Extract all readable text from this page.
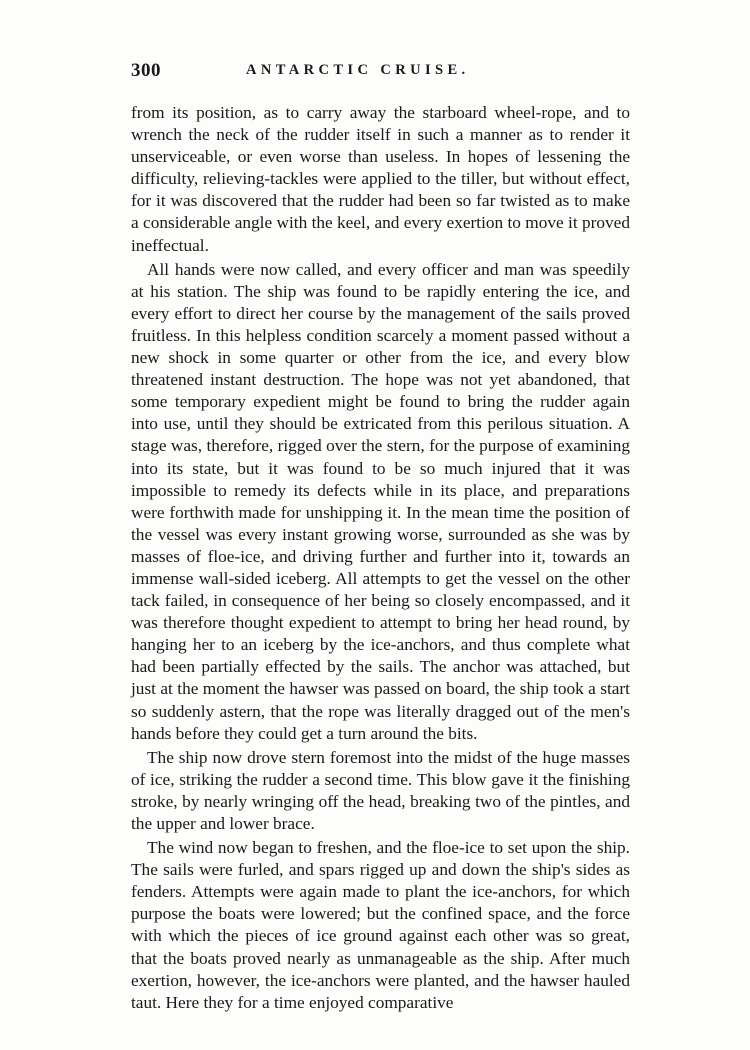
300	ANTARCTIC CRUISE.

from its position, as to carry away the starboard wheel-rope, and to wrench the neck of the rudder itself in such a manner as to render it unserviceable, or even worse than useless. In hopes of lessening the difficulty, relieving-tackles were applied to the tiller, but without effect, for it was discovered that the rudder had been so far twisted as to make a considerable angle with the keel, and every exertion to move it proved ineffectual.

All hands were now called, and every officer and man was speedily at his station. The ship was found to be rapidly entering the ice, and every effort to direct her course by the management of the sails proved fruitless. In this helpless condition scarcely a moment passed without a new shock in some quarter or other from the ice, and every blow threatened instant destruction. The hope was not yet abandoned, that some temporary expedient might be found to bring the rudder again into use, until they should be extricated from this perilous situation. A stage was, therefore, rigged over the stern, for the purpose of examining into its state, but it was found to be so much injured that it was impossible to remedy its defects while in its place, and preparations were forthwith made for unshipping it. In the mean time the position of the vessel was every instant growing worse, surrounded as she was by masses of floe-ice, and driving further and further into it, towards an immense wall-sided iceberg. All attempts to get the vessel on the other tack failed, in consequence of her being so closely encompassed, and it was therefore thought expedient to attempt to bring her head round, by hanging her to an iceberg by the ice-anchors, and thus complete what had been partially effected by the sails. The anchor was attached, but just at the moment the hawser was passed on board, the ship took a start so suddenly astern, that the rope was literally dragged out of the men's hands before they could get a turn around the bits.

The ship now drove stern foremost into the midst of the huge masses of ice, striking the rudder a second time. This blow gave it the finishing stroke, by nearly wringing off the head, breaking two of the pintles, and the upper and lower brace.

The wind now began to freshen, and the floe-ice to set upon the ship. The sails were furled, and spars rigged up and down the ship's sides as fenders. Attempts were again made to plant the ice-anchors, for which purpose the boats were lowered; but the confined space, and the force with which the pieces of ice ground against each other was so great, that the boats proved nearly as unmanageable as the ship. After much exertion, however, the ice-anchors were planted, and the hawser hauled taut. Here they for a time enjoyed comparative
